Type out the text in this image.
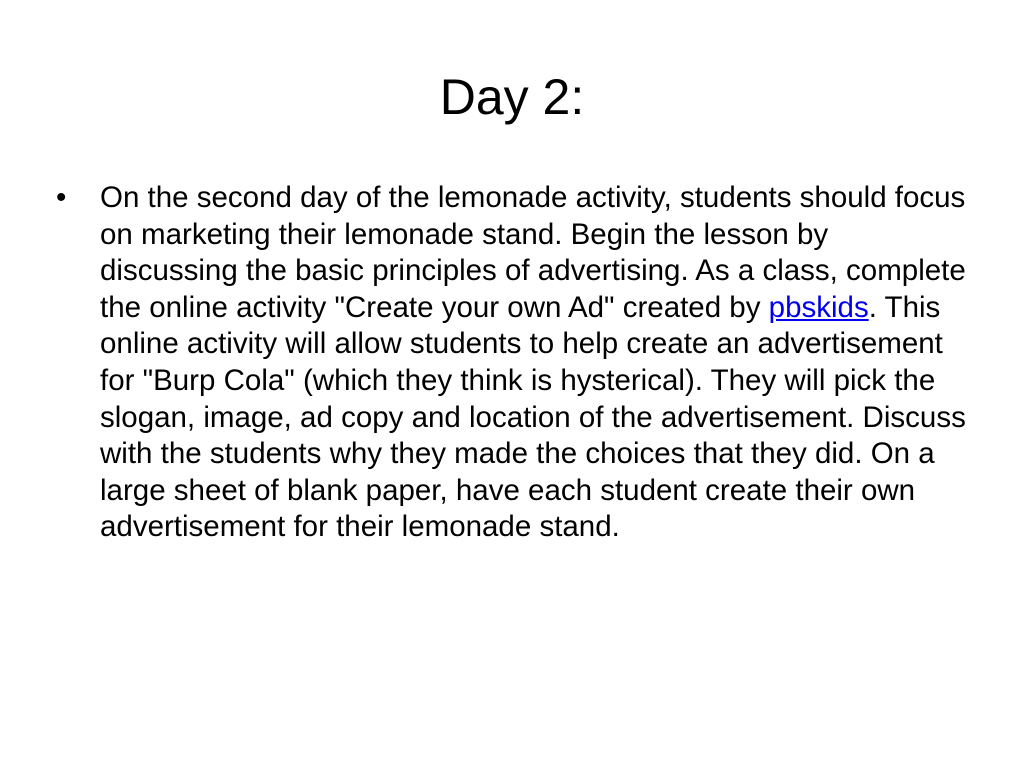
Day 2:
•	On the second day of the lemonade activity, students should focus on marketing their lemonade stand. Begin the lesson by discussing the basic principles of advertising. As a class, complete the online activity "Create your own Ad" created by pbskids. This online activity will allow students to help create an advertisement for "Burp Cola" (which they think is hysterical). They will pick the slogan, image, ad copy and location of the advertisement. Discuss with the students why they made the choices that they did. On a large sheet of blank paper, have each student create their own advertisement for their lemonade stand.
